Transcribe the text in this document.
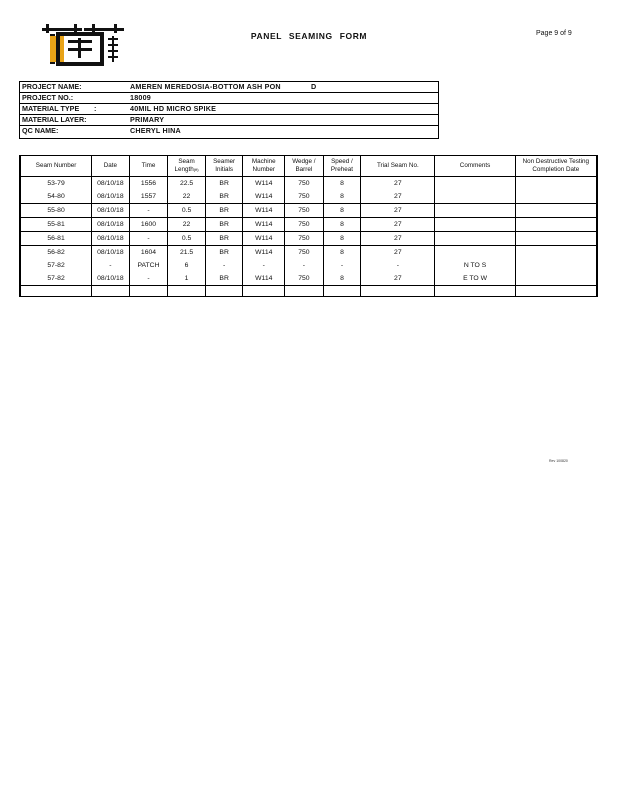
PANEL SEAMING FORM	Page 9 of 9
PROJECT NAME:	AMEREN MEREDOSIA-BOTTOM ASH PON	D
PROJECT NO.:	18009
MATERIAL TYPE :	40MIL HD MICRO SPIKE
MATERIAL LAYER:	PRIMARY
QC NAME:	CHERYL HINA
Seam Number	Date	Time	Seam Length(ft)	Seamer Initials	Machine Number	Wedge / Barrel	Speed / Preheat	Trial Seam No.	Comments	Non Destructive Testing Completion Date
53-79	08/10/18	1556	22.5	BR	W114	750	8	27		
54-80	08/10/18	1557	22	BR	W114	750	8	27		
55-80	08/10/18	-	0.5	BR	W114	750	8	27		
55-81	08/10/18	1600	22	BR	W114	750	8	27		
56-81	08/10/18	-	0.5	BR	W114	750	8	27		
56-82	08/10/18	1604	21.5	BR	W114	750	8	27		
57-82	-	PATCH	6	-	-	-	-	-	N TO S	
57-82	08/10/18	-	1	BR	W114	750	8	27	E TO W	

Rev 100820
